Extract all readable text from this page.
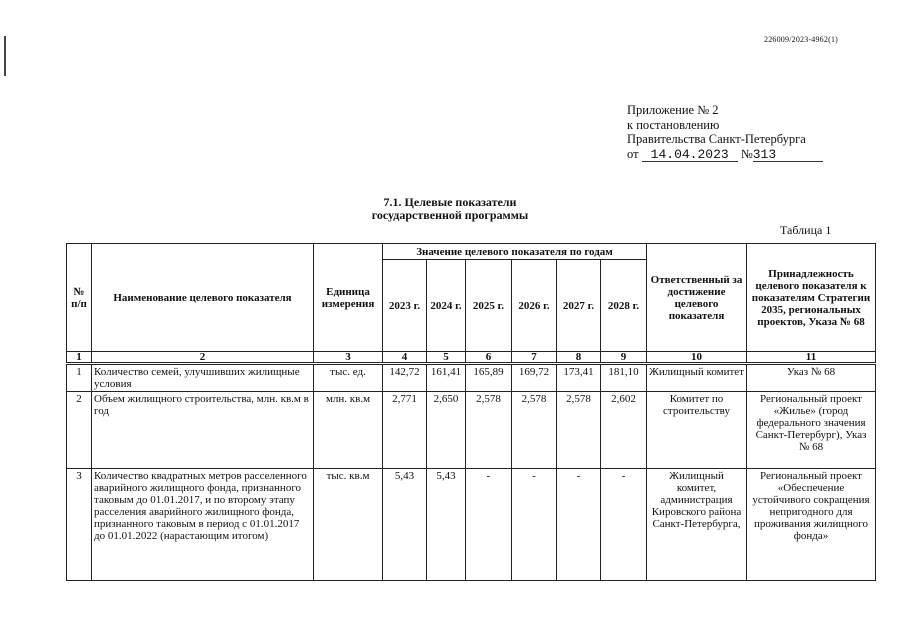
226009/2023-4962(1)
Приложение № 2
к постановлению
Правительства Санкт-Петербурга
от 14.04.2023 №313
7.1. Целевые показатели
государственной программы
Таблица 1
№ п/п	Наименование целевого показателя	Единица измерения	Значение целевого показателя по годам						Ответственный за достижение целевого показателя	Принадлежность целевого показателя к показателям Стратегии 2035, региональных проектов, Указа № 68
			2023 г.	2024 г.	2025 г.	2026 г.	2027 г.	2028 г.		
1	2	3	4	5	6	7	8	9	10	11
1	Количество семей, улучшивших жилищные условия	тыс. ед.	142,72	161,41	165,89	169,72	173,41	181,10	Жилищный комитет	Указ № 68
2	Объем жилищного строительства, млн. кв.м в год	млн. кв.м	2,771	2,650	2,578	2,578	2,578	2,602	Комитет по строительству	Региональный проект «Жилье» (город федерального значения Санкт-Петербург), Указ № 68
3	Количество квадратных метров расселенного аварийного жилищного фонда, признанного таковым до 01.01.2017, и по второму этапу расселения аварийного жилищного фонда, признанного таковым в период с 01.01.2017 до 01.01.2022 (нарастающим итогом)	тыс. кв.м	5,43	5,43	-	-	-	-	Жилищный комитет, администрация Кировского района Санкт-Петербурга,	Региональный проект «Обеспечение устойчивого сокращения непригодного для проживания жилищного фонда»
